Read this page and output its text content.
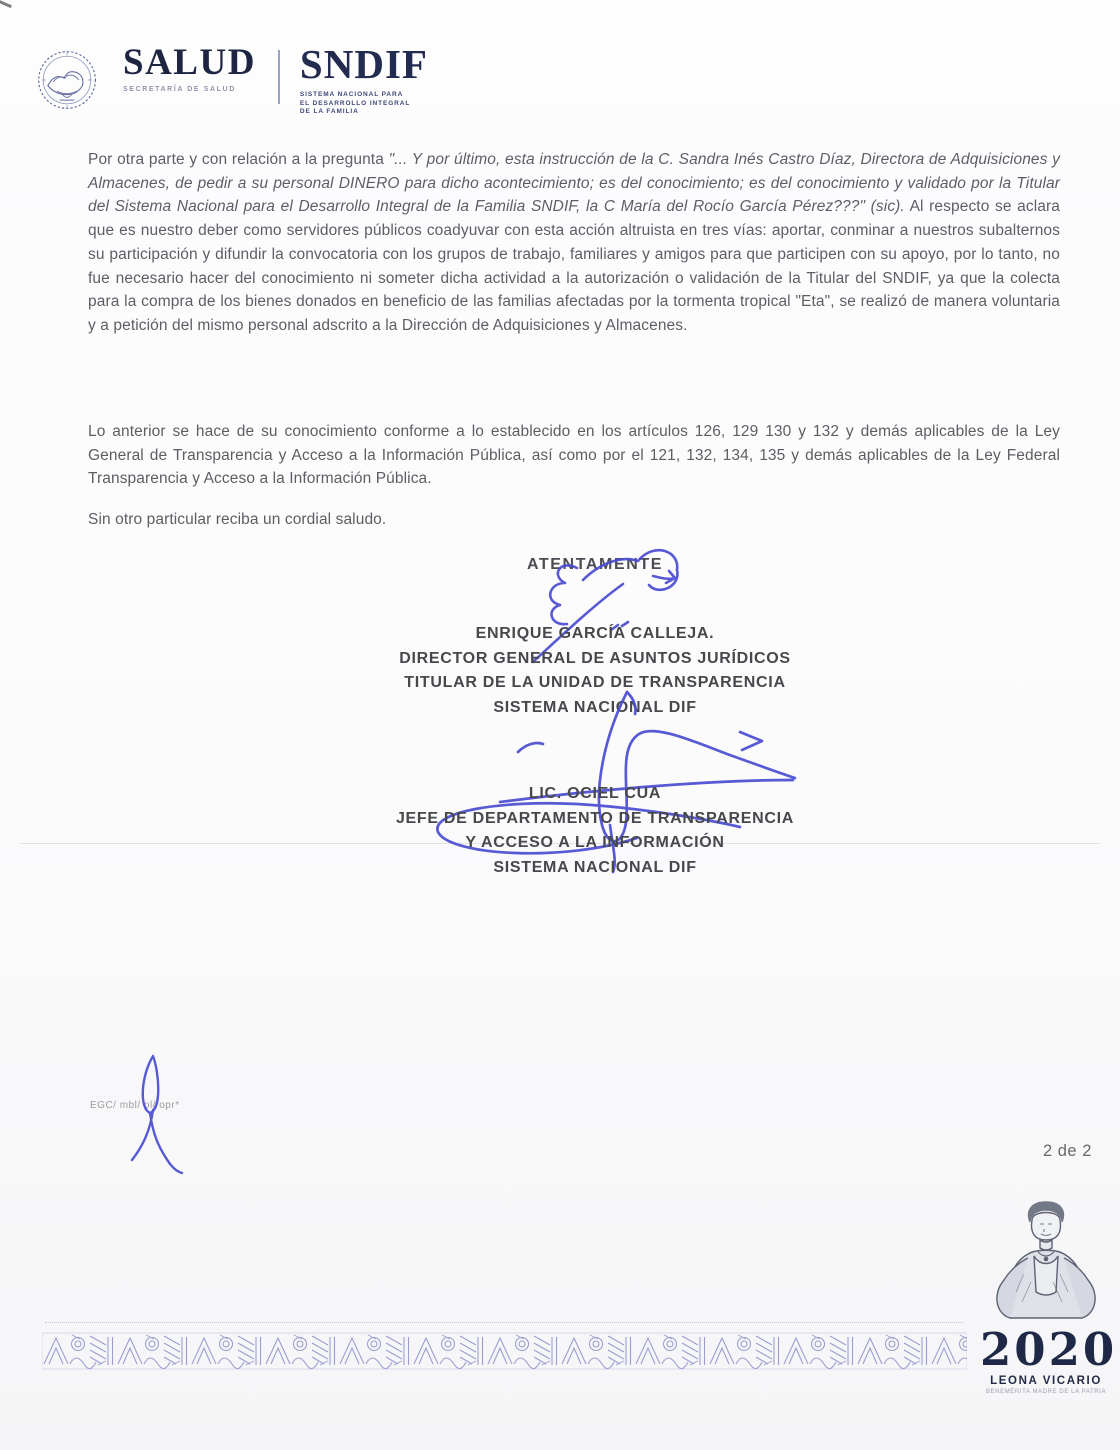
SALUD
SECRETARÍA DE SALUD
SNDIF
SISTEMA NACIONAL PARA
EL DESARROLLO INTEGRAL
DE LA FAMILIA
Por otra parte y con relación a la pregunta "... Y por último, esta instrucción de la C. Sandra Inés Castro Díaz, Directora de Adquisiciones y Almacenes, de pedir a su personal DINERO para dicho acontecimiento; es del conocimiento; es del conocimiento y validado por la Titular del Sistema Nacional para el Desarrollo Integral de la Familia SNDIF, la C María del Rocío García Pérez???" (sic). Al respecto se aclara que es nuestro deber como servidores públicos coadyuvar con esta acción altruista en tres vías: aportar, conminar a nuestros subalternos su participación y difundir la convocatoria con los grupos de trabajo, familiares y amigos para que participen con su apoyo, por lo tanto, no fue necesario hacer del conocimiento ni someter dicha actividad a la autorización o validación de la Titular del SNDIF, ya que la colecta para la compra de los bienes donados en beneficio de las familias afectadas por la tormenta tropical "Eta", se realizó de manera voluntaria y a petición del mismo personal adscrito a la Dirección de Adquisiciones y Almacenes.
Lo anterior se hace de su conocimiento conforme a lo establecido en los artículos 126, 129 130 y 132 y demás aplicables de la Ley General de Transparencia y Acceso a la Información Pública, así como por el 121, 132, 134, 135 y demás aplicables de la Ley Federal Transparencia y Acceso a la Información Pública.
Sin otro particular reciba un cordial saludo.
ATENTAMENTE
ENRIQUE GARCÍA CALLEJA.
DIRECTOR GENERAL DE ASUNTOS JURÍDICOS
TITULAR DE LA UNIDAD DE TRANSPARENCIA
SISTEMA NACIONAL DIF
LIC. OCIEL CUA
JEFE DE DEPARTAMENTO DE TRANSPARENCIA
Y ACCESO A LA INFORMACIÓN
SISTEMA NACIONAL DIF
EGC/ mbl/ ol/ opr*
2 de 2
2020
LEONA VICARIO
BENEMÉRITA MADRE DE LA PATRIA
